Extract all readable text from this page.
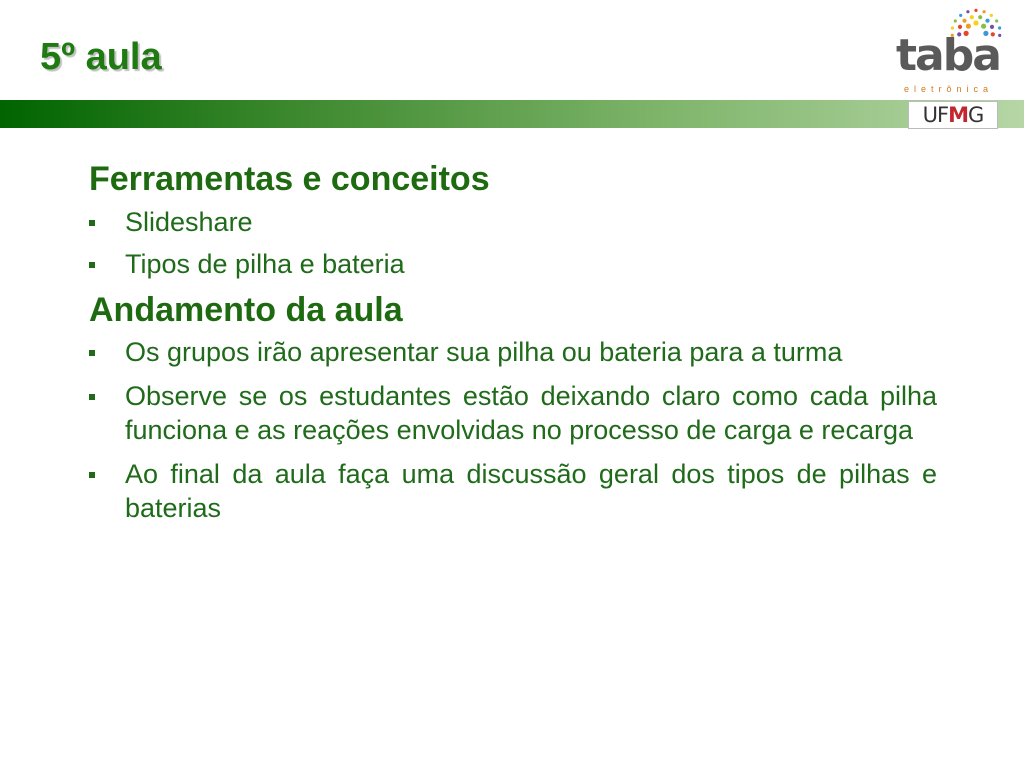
5º aula	taba
eletrônica
UFMG
Ferramentas e conceitos
Slideshare
Tipos de pilha e bateria
Andamento da aula
Os grupos irão apresentar sua pilha ou bateria para a turma
Observe se os estudantes estão deixando claro como cada pilha funciona e as reações envolvidas no processo de carga e recarga
Ao final da aula faça uma discussão geral dos tipos de pilhas e baterias
